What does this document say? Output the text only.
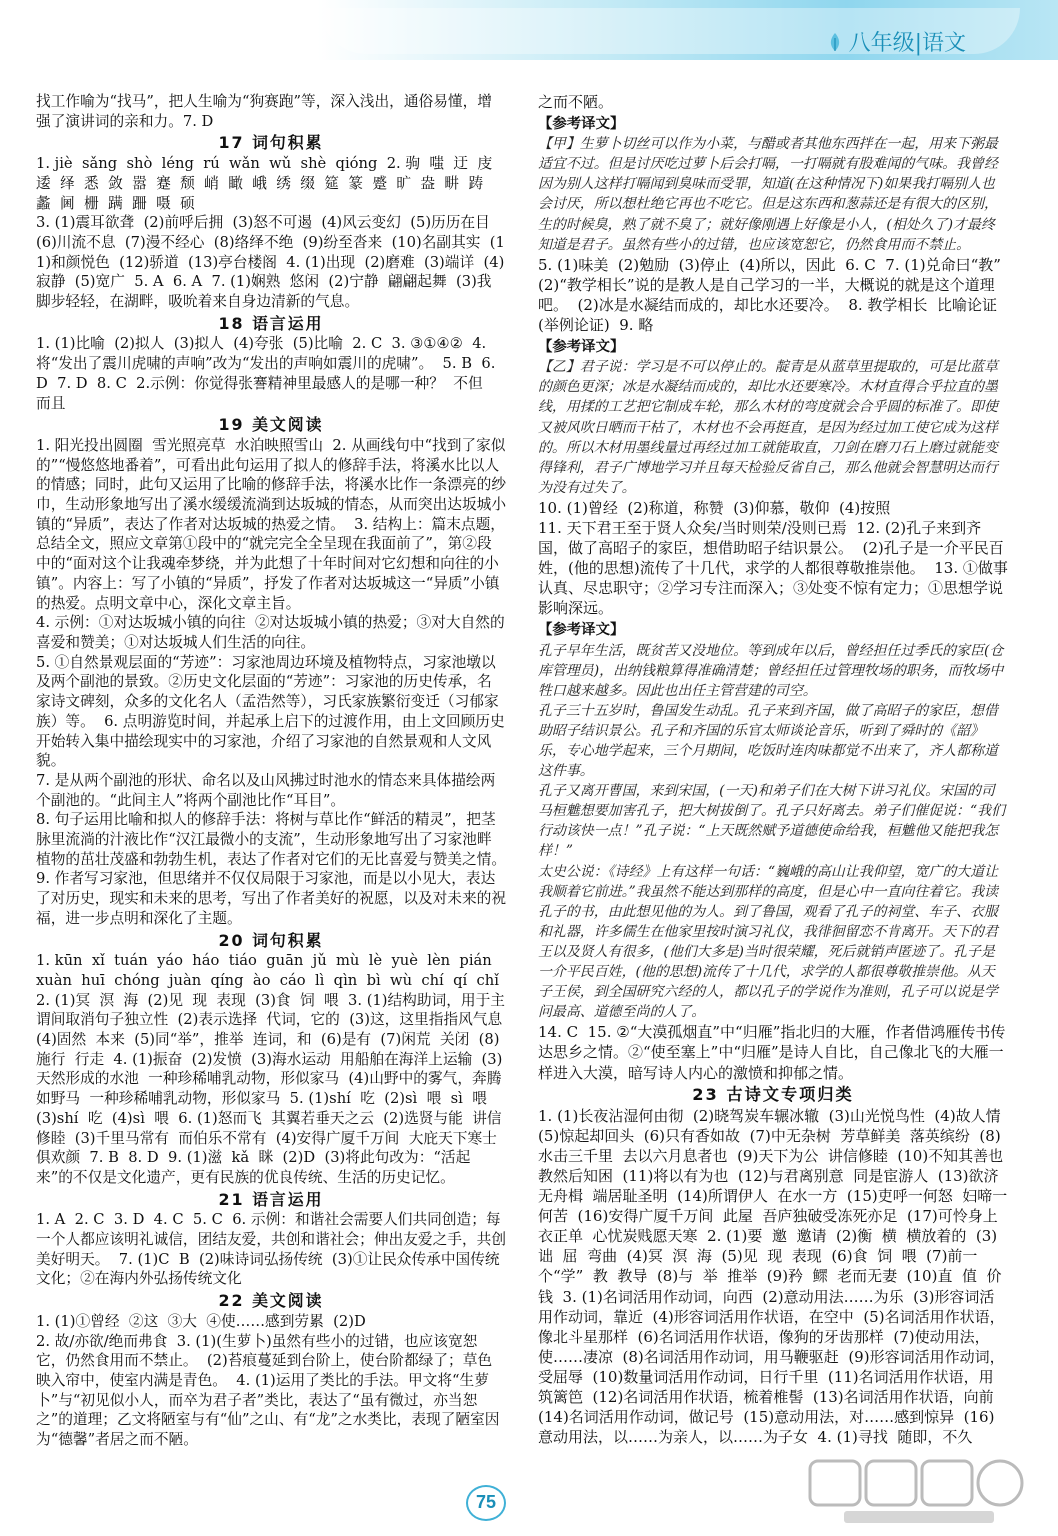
八年级|语文
找工作喻为“找马”，把人生喻为“狗赛跑”等，深入浅出，通俗易懂，增强了演讲词的亲和力。7. D
17 词句积累
1. jiè  sǎng  shò  léng  rú  wǎn  wǔ  shè  qióng  2. 驹  嗤  迂  庋  逶  绎  悉  敛  嚣  蹇  颓  峭  瞰  峨  绣  缀  筵  篆  蹙  旷  盎  畊  踌  蠡  阃  栅  蹒  跚  嗫  硕
3. (1)震耳欲聋  (2)前呼后拥  (3)怒不可遏  (4)风云变幻  (5)历历在目  (6)川流不息  (7)漫不经心  (8)络绎不绝  (9)纷至沓来  (10)名副其实  (11)和颜悦色  (12)骄道  (13)亭台楼阁  4. (1)出现  (2)磨难  (3)端详  (4)寂静  (5)宽广  5. A  6. A  7. (1)娴熟  悠闲  (2)宁静  翩翩起舞  (3)我脚步轻轻，在湖畔，吸吮着来自身边清新的气息。
18 语言运用
1. (1)比喻  (2)拟人  (3)拟人  (4)夸张  (5)比喻  2. C  3. ③①④②  4. 将“发出了震川虎啸的声响”改为“发出的声响如震川的虎啸”。  5. B  6. D  7. D  8. C  2.示例：你觉得张謇精神里最感人的是哪一种？  不但  而且
19 美文阅读
1. 阳光投出圆圈  雪光照亮草  水泊映照雪山  2. 从画线句中“找到了家似的”“慢悠悠地番着”，可看出此句运用了拟人的修辞手法，将溪水比以人的情感；同时，此句又运用了比喻的修辞手法，将溪水比作一条漂亮的纱巾，生动形象地写出了溪水缓缓流淌到达坂城的情态，从而突出达坂城小镇的“异质”，表达了作者对达坂城的热爱之情。  3. 结构上：篇末点题，总结全文，照应文章第①段中的“就完完全全呈现在我面前了”，第②段中的“面对这个让我魂牵梦绕，并为此想了十年时间对它幻想和向往的小镇”。内容上：写了小镇的“异质”，抒发了作者对达坂城这一“异质”小镇的热爱。点明文章中心，深化文章主旨。
4. 示例：①对达坂城小镇的向往  ②对达坂城小镇的热爱；③对大自然的喜爱和赞美；①对达坂城人们生活的向往。
5. ①自然景观层面的“芳迹”：习家池周边环境及植物特点，习家池墩以及两个副池的景致。②历史文化层面的“芳迹”：习家池的历史传承，名家诗文碑刻，众多的文化名人（孟浩然等），习氏家族繁衍变迁（习郁家族）等。  6. 点明游览时间，并起承上启下的过渡作用，由上文回顾历史开始转入集中描绘现实中的习家池，介绍了习家池的自然景观和人文风貌。
7. 是从两个副池的形状、命名以及山风拂过时池水的情态来具体描绘两个副池的。“此间主人”将两个副池比作“耳目”。
8. 句子运用比喻和拟人的修辞手法：将树与草比作“鲜活的精灵”，把茎脉里流淌的汁液比作“汉江最微小的支流”，生动形象地写出了习家池畔植物的茁壮茂盛和勃勃生机，表达了作者对它们的无比喜爱与赞美之情。  9. 作者写习家池，但思绪并不仅仅局限于习家池，而是以小见大，表达了对历史，现实和未来的思考，写出了作者美好的祝愿，以及对未来的祝福，进一步点明和深化了主题。
20 词句积累
1. kūn  xǐ  tuán  yáo  háo  tiáo  guān  jǔ  mù  lè  yuè  lèn  pián  xuàn  huī  chóng  juàn  qíng  ào  cáo  lì  qìn  bì  wù  chí  qí  chǐ  2. (1)冥  溟  海  (2)见  现  表现  (3)食  饲  喂  3. (1)结构助词，用于主谓间取消句子独立性  (2)表示选择  代词，它的  (3)这，这里指指风气息  (4)固然  本来  (5)同“举”，推举  连词，和  (6)是有  (7)闲荒  关闭  (8)施行  行走  4. (1)振奋  (2)发愤  (3)海水运动  用船舶在海洋上运输  (3)天然形成的水池  一种珍稀哺乳动物，形似家马  (4)山野中的雾气，奔腾如野马  一种珍稀哺乳动物，形似家马  5. (1)shí  吃  (2)sì  喂  sì  喂  (3)shí  吃  (4)sì  喂  6. (1)怒而飞  其翼若垂天之云  (2)选贤与能  讲信修睦  (3)千里马常有  而伯乐不常有  (4)安得广厦千万间  大庇天下寒士俱欢颜  7. B  8. D  9. (1)滋  kǎ  眯  (2)D  (3)将此句改为：“活起来”的不仅是文化遗产，更有民族的优良传统、生活的历史记忆。
21 语言运用
1. A  2. C  3. D  4. C  5. C  6. 示例：和谐社会需要人们共同创造；每一个人都应该明礼诚信，团结友爱，共创和谐社会；伸出友爱之手，共创美好明天。  7. (1)C  B  (2)味诗词弘扬传统  (3)①让民众传承中国传统文化；②在海内外弘扬传统文化
22 美文阅读
1. (1)①曾经  ②这  ③大  ④使……感到劳累  (2)D
2. 故/亦欲/绝而弗食  3. (1)(生萝卜)虽然有些小的过错，也应该宽恕它，仍然食用而不禁止。  (2)苔痕蔓延到台阶上，使台阶都绿了；草色映入帘中，使室内满是青色。  4. (1)运用了类比的手法。甲文将“生萝卜”与“初见似小人，而卒为君子者”类比，表达了“虽有微过，亦当恕之”的道理；乙文将陋室与有“仙”之山、有“龙”之水类比，表现了陋室因为“德馨”者居之而不陋。
之而不陋。
【参考译文】
【甲】生萝卜切丝可以作为小菜，与醋或者其他东西拌在一起，用来下粥最适宜不过。但是讨厌吃过萝卜后会打嗝，一打嗝就有股难闻的气味。我曾经因为别人这样打嗝闻到臭味而受罪，知道(在这种情况下)如果我打嗝别人也会讨厌，所以想杜绝它再也不吃它。但是这东西和葱蒜还是有很大的区别，生的时候臭，熟了就不臭了；就好像刚遇上好像是小人，(相处久了)才最终知道是君子。虽然有些小的过错，也应该宽恕它，仍然食用而不禁止。
5. (1)味美  (2)勉励  (3)停止  (4)所以，因此  6. C  7. (1)兑命曰“教”  (2)“教学相长”说的是教人是自己学习的一半，大概说的就是这个道理吧。  (2)冰是水凝结而成的，却比水还要冷。  8. 教学相长  比喻论证(举例论证)  9. 略
【参考译文】
【乙】君子说：学习是不可以停止的。靛青是从蓝草里提取的，可是比蓝草的颜色更深；冰是水凝结而成的，却比水还要寒冷。木材直得合乎拉直的墨线，用揉的工艺把它制成车轮，那么木材的弯度就会合乎圆的标准了。即使又被风吹日晒而干枯了，木材也不会再挺直，是因为经过加工使它成为这样的。所以木材用墨线量过再经过加工就能取直，刀剑在磨刀石上磨过就能变得锋利，君子广博地学习并且每天检验反省自己，那么他就会智慧明达而行为没有过失了。
10. (1)曾经  (2)称道，称赞  (3)仰慕，敬仰  (4)按照
11. 天下君王至于贤人众矣/当时则荣/没则已焉  12. (2)孔子来到齐国，做了高昭子的家臣，想借助昭子结识景公。  (2)孔子是一介平民百姓，(他的思想)流传了十几代，求学的人都很尊敬推崇他。  13. ①做事认真、尽忠职守；②学习专注而深入；③处变不惊有定力；①思想学说影响深远。
【参考译文】
孔子早年生活，既贫苦又没地位。等到成年以后，曾经担任过季氏的家臣(仓库管理员)，出纳钱粮算得准确清楚；曾经担任过管理牧场的职务，而牧场中牲口越来越多。因此也出任主管营建的司空。
孔子三十五岁时，鲁国发生动乱。孔子来到齐国，做了高昭子的家臣，想借助昭子结识景公。孔子和齐国的乐官太师谈论音乐，听到了舜时的《韶》乐，专心地学起来，三个月期间，吃饭时连肉味都觉不出来了，齐人都称道这件事。
孔子又离开曹国，来到宋国，(一天)和弟子们在大树下讲习礼仪。宋国的司马桓魋想要加害孔子，把大树拔倒了。孔子只好离去。弟子们催促说：“我们行动该快一点！”孔子说：“上天既然赋予道德使命给我，桓魋他又能把我怎样！”
太史公说：《诗经》上有这样一句话：“巍峨的高山让我仰望，宽广的大道让我顺着它前进。”我虽然不能达到那样的高度，但是心中一直向往着它。我读孔子的书，由此想见他的为人。到了鲁国，观看了孔子的祠堂、车子、衣服和礼器，许多儒生在他家里按时演习礼仪，我徘徊留恋不肯离开。天下的君王以及贤人有很多，(他们大多是)当时很荣耀，死后就销声匿迹了。孔子是一介平民百姓，(他的思想)流传了十几代，求学的人都很尊敬推崇他。从天子王侯，到全国研究六经的人，都以孔子的学说作为准则，孔子可以说是学问最高、道德至尚的人了。
14. C  15. ②“大漠孤烟直”中“归雁”指北归的大雁，作者借鸿雁传书传达思乡之情。②“使至塞上”中“归雁”是诗人自比，自己像北飞的大雁一样进入大漠，暗写诗人内心的激愤和抑郁之情。
23 古诗文专项归类
1. (1)长夜沾湿何由彻  (2)晓驾炭车辗冰辙  (3)山光悦鸟性  (4)故人情  (5)惊起却回头  (6)只有香如故  (7)中无杂树  芳草鲜美  落英缤纷  (8)水击三千里  去以六月息者也  (9)天下为公  讲信修睦  (10)不知其善也  教然后知困  (11)将以有为也  (12)与君离别意  同是宦游人  (13)欲济无舟楫  端居耻圣明  (14)所谓伊人  在水一方  (15)吏呼一何怒  妇啼一何苦  (16)安得广厦千万间  此屋  吾庐独破受冻死亦足  (17)可怜身上衣正单  心忧炭贱愿天寒  2. (1)要  邀  邀请  (2)衡  横  横放着的  (3)诎  屈  弯曲  (4)冥  溟  海  (5)见  现  表现  (6)食  饲  喂  (7)前一个“学”  教  教导  (8)与  举  推举  (9)矜  鳏  老而无妻  (10)直  值  价钱  3. (1)名词活用作动词，向西  (2)意动用法……为乐  (3)形容词活用作动词，靠近  (4)形容词活用作状语，在空中  (5)名词活用作状语，像北斗星那样  (6)名词活用作状语，像狗的牙齿那样  (7)使动用法，使……凄凉  (8)名词活用作动词，用马鞭驱赶  (9)形容词活用作动词，受屈辱  (10)数量词活用作动词，日行千里  (11)名词活用作状语，用筑篱笆  (12)名词活用作状语，梳着椎髻  (13)名词活用作状语，向前  (14)名词活用作动词，做记号  (15)意动用法，对……感到惊异  (16)意动用法，以……为亲人，以……为子女  4. (1)寻找  随即，不久
75
